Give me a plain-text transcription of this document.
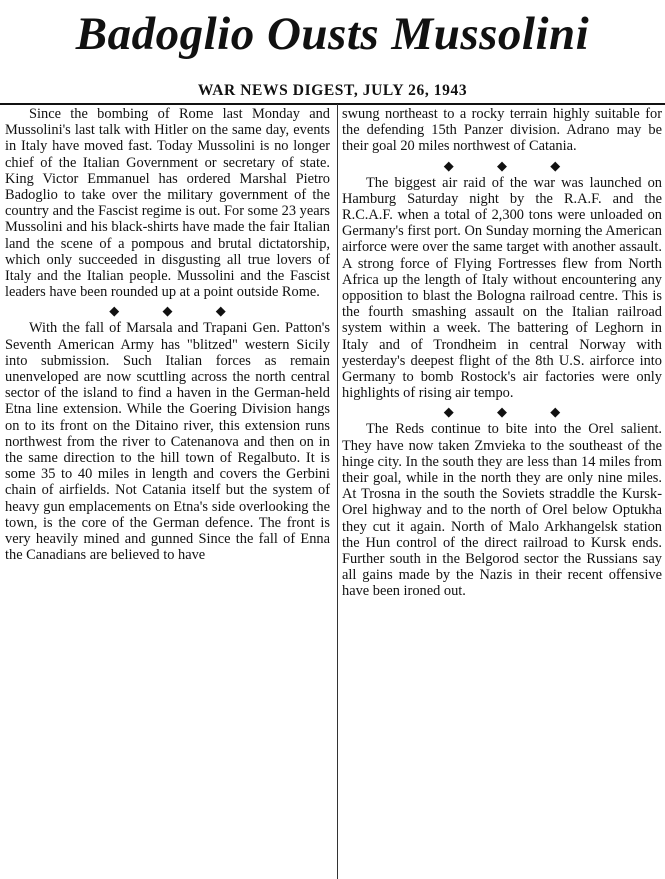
Badoglio Ousts Mussolini
WAR NEWS DIGEST, JULY 26, 1943

Since the bombing of Rome last Monday and Mussolini's last talk with Hitler on the same day, events in Italy have moved fast. Today Mussolini is no longer chief of the Italian Government or secretary of state. King Victor Emmanuel has ordered Marshal Pietro Badoglio to take over the military government of the country and the Fascist regime is out. For some 23 years Mussolini and his black-shirts have made the fair Italian land the scene of a pompous and brutal dictatorship, which only succeeded in disgusting all true lovers of Italy and the Italian people. Mussolini and the Fascist leaders have been rounded up at a point outside Rome.

◆ ◆ ◆

With the fall of Marsala and Trapani Gen. Patton's Seventh American Army has "blitzed" western Sicily into submission. Such Italian forces as remain unenveloped are now scuttling across the north central sector of the island to find a haven in the German-held Etna line extension. While the Goering Division hangs on to its front on the Ditaino river, this extension runs northwest from the river to Catenanova and then on in the same direction to the hill town of Regalbuto. It is some 35 to 40 miles in length and covers the Gerbini chain of airfields. Not Catania itself but the system of heavy gun emplacements on Etna's side overlooking the town, is the core of the German defence. The front is very heavily mined and gunned Since the fall of Enna the Canadians are believed to have

swung northeast to a rocky terrain highly suitable for the defending 15th Panzer division. Adrano may be their goal 20 miles northwest of Catania.

◆ ◆ ◆

The biggest air raid of the war was launched on Hamburg Saturday night by the R.A.F. and the R.C.A.F. when a total of 2,300 tons were unloaded on Germany's first port. On Sunday morning the American airforce were over the same target with another assault. A strong force of Flying Fortresses flew from North Africa up the length of Italy without encountering any opposition to blast the Bologna railroad centre. This is the fourth smashing assault on the Italian railroad system within a week. The battering of Leghorn in Italy and of Trondheim in central Norway with yesterday's deepest flight of the 8th U.S. airforce into Germany to bomb Rostock's air factories were only highlights of rising air tempo.

◆ ◆ ◆

The Reds continue to bite into the Orel salient. They have now taken Zmvieka to the southeast of the hinge city. In the south they are less than 14 miles from their goal, while in the north they are only nine miles. At Trosna in the south the Soviets straddle the Kursk-Orel highway and to the north of Orel below Optukha they cut it again. North of Malo Arkhangelsk station the Hun control of the direct railroad to Kursk ends. Further south in the Belgorod sector the Russians say all gains made by the Nazis in their recent offensive have been ironed out.
